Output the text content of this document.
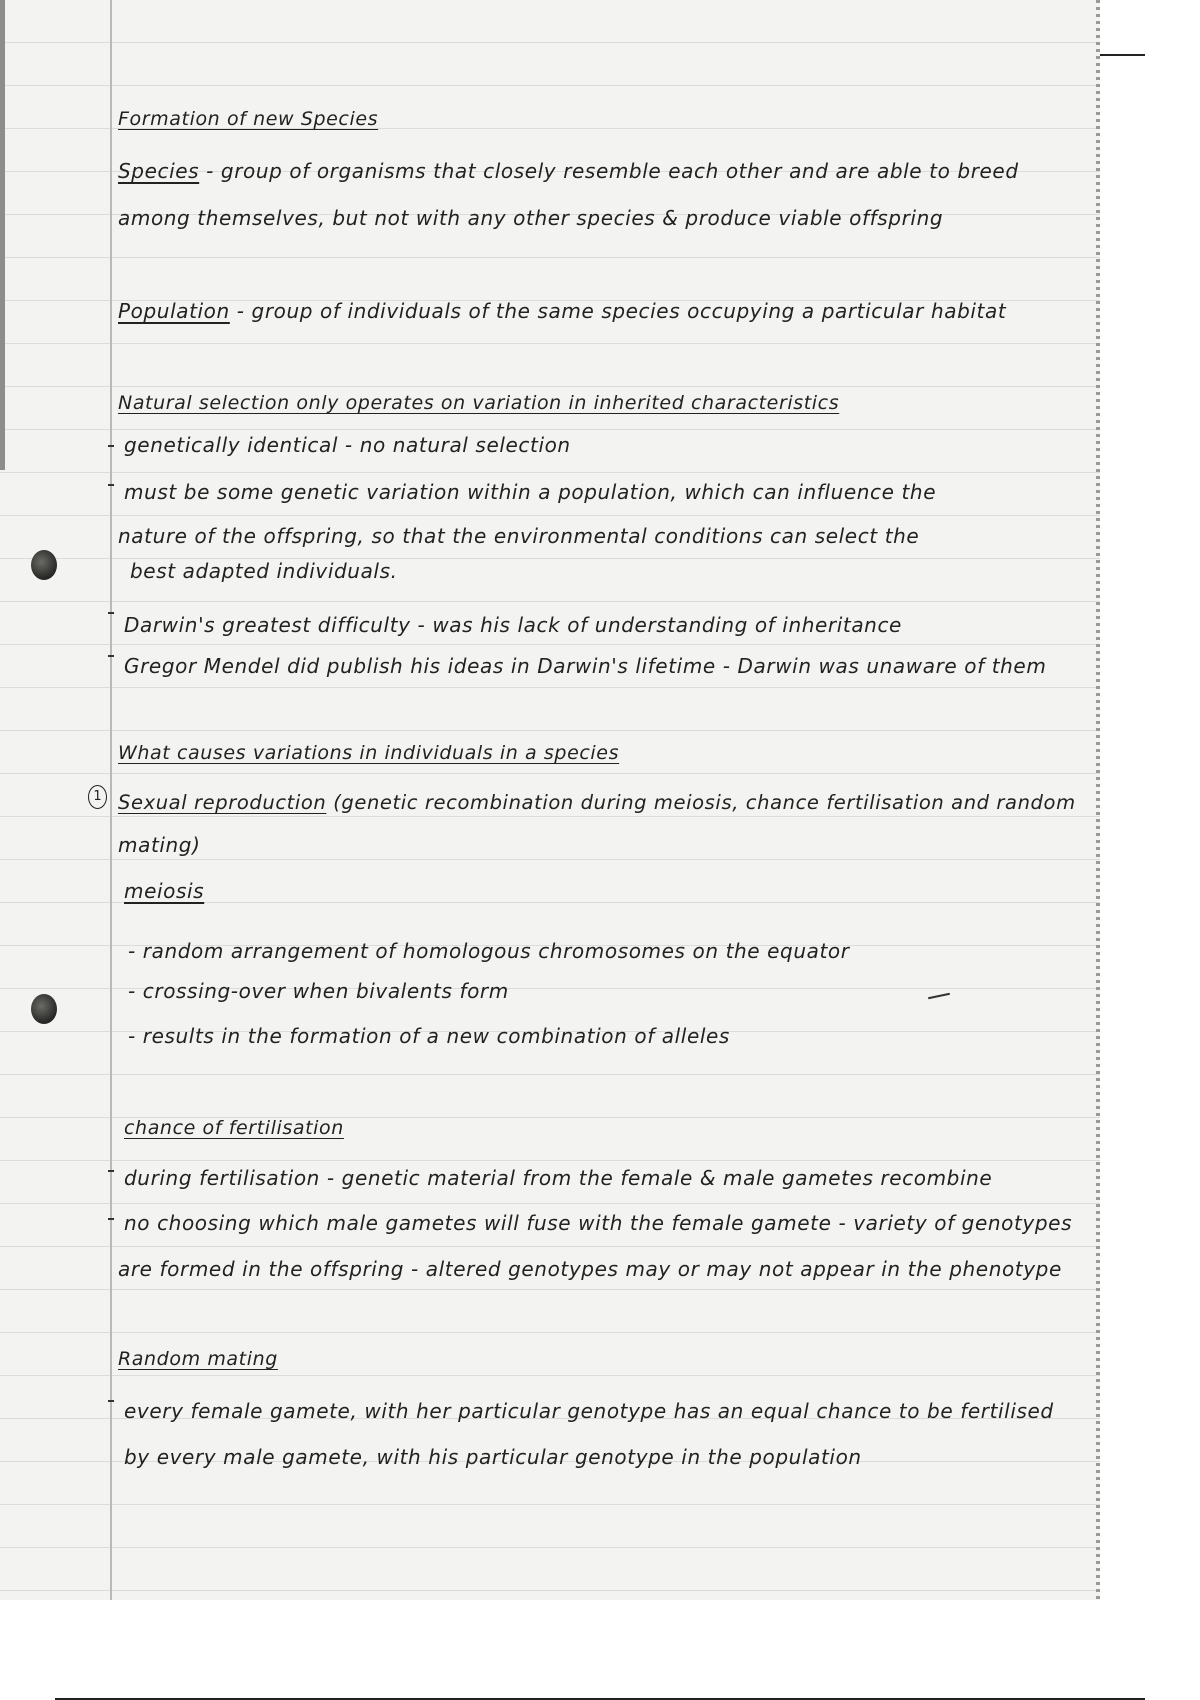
Formation of new Species

Species - group of organisms that closely resemble each other and are able to breed

among themselves, but not with any other species & produce viable offspring

Population - group of individuals of the same species occupying a particular habitat

Natural selection only operates on variation in inherited characteristics

genetically identical - no natural selection

must be some genetic variation within a population, which can influence the

nature of the offspring, so that the environmental conditions can select the

best adapted individuals.

Darwin's greatest difficulty - was his lack of understanding of inheritance

Gregor Mendel did publish his ideas in Darwin's lifetime - Darwin was unaware of them

What causes variations in individuals in a species

1 Sexual reproduction (genetic recombination during meiosis, chance fertilisation and random

mating)

meiosis

- random arrangement of homologous chromosomes on the equator

- crossing-over when bivalents form

- results in the formation of a new combination of alleles

chance of fertilisation

during fertilisation - genetic material from the female & male gametes recombine

no choosing which male gametes will fuse with the female gamete - variety of genotypes

are formed in the offspring - altered genotypes may or may not appear in the phenotype

Random mating

every female gamete, with her particular genotype has an equal chance to be fertilised

by every male gamete, with his particular genotype in the population
